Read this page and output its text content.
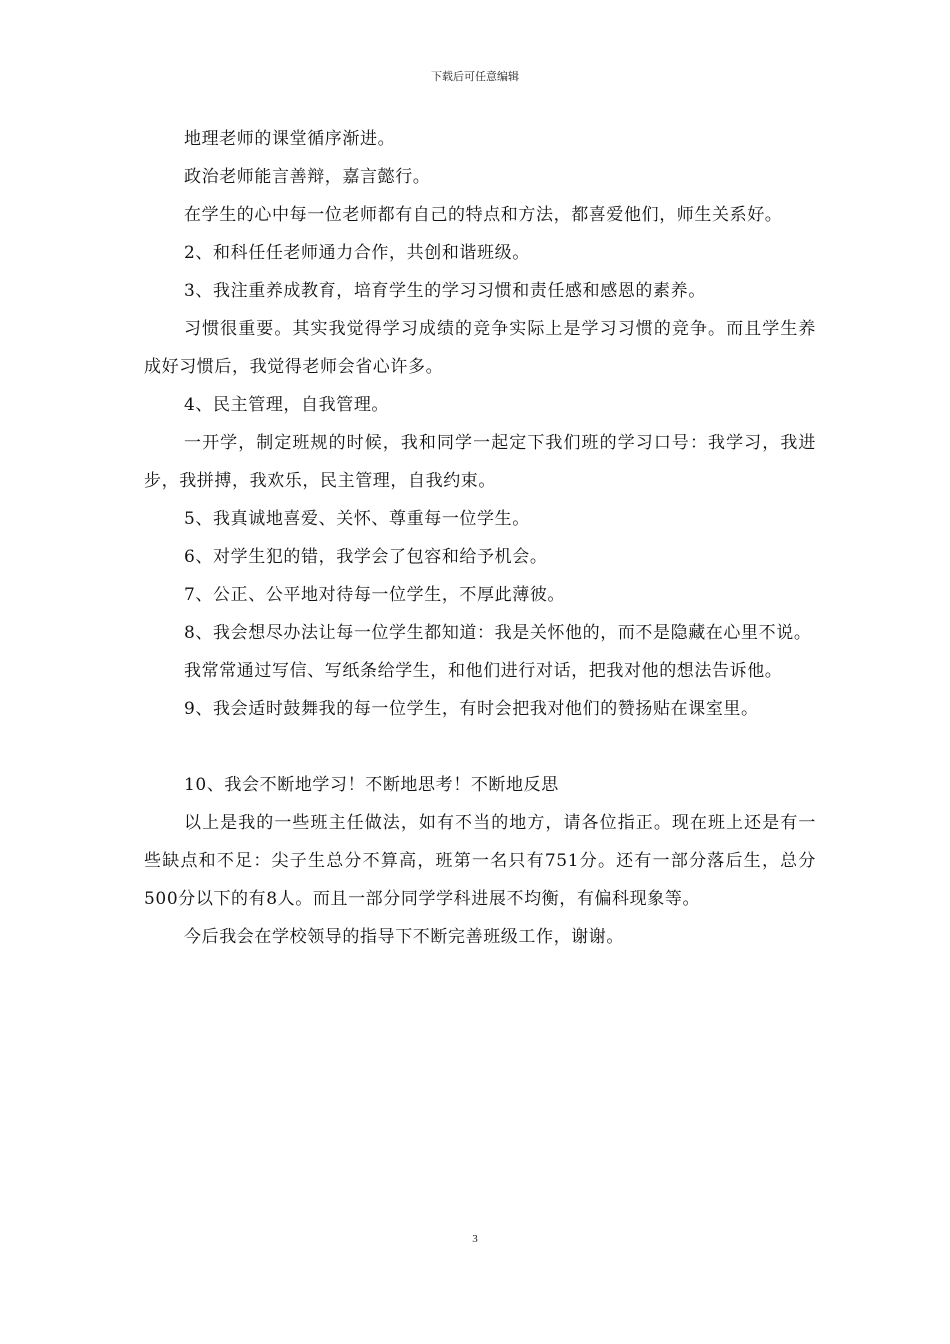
下载后可任意编辑

地理老师的课堂循序渐进。

政治老师能言善辩，嘉言懿行。

在学生的心中每一位老师都有自己的特点和方法，都喜爱他们，师生关系好。

2、和科任任老师通力合作，共创和谐班级。

3、我注重养成教育，培育学生的学习习惯和责任感和感恩的素养。

习惯很重要。其实我觉得学习成绩的竞争实际上是学习习惯的竞争。而且学生养成好习惯后，我觉得老师会省心许多。

4、民主管理，自我管理。

一开学，制定班规的时候，我和同学一起定下我们班的学习口号：我学习，我进步，我拼搏，我欢乐，民主管理，自我约束。

5、我真诚地喜爱、关怀、尊重每一位学生。

6、对学生犯的错，我学会了包容和给予机会。

7、公正、公平地对待每一位学生，不厚此薄彼。

8、我会想尽办法让每一位学生都知道：我是关怀他的，而不是隐藏在心里不说。

我常常通过写信、写纸条给学生，和他们进行对话，把我对他的想法告诉他。

9、我会适时鼓舞我的每一位学生，有时会把我对他们的赞扬贴在课室里。

10、我会不断地学习！不断地思考！不断地反思

以上是我的一些班主任做法，如有不当的地方，请各位指正。现在班上还是有一些缺点和不足：尖子生总分不算高，班第一名只有751分。还有一部分落后生，总分500分以下的有8人。而且一部分同学学科进展不均衡，有偏科现象等。

今后我会在学校领导的指导下不断完善班级工作，谢谢。

3
